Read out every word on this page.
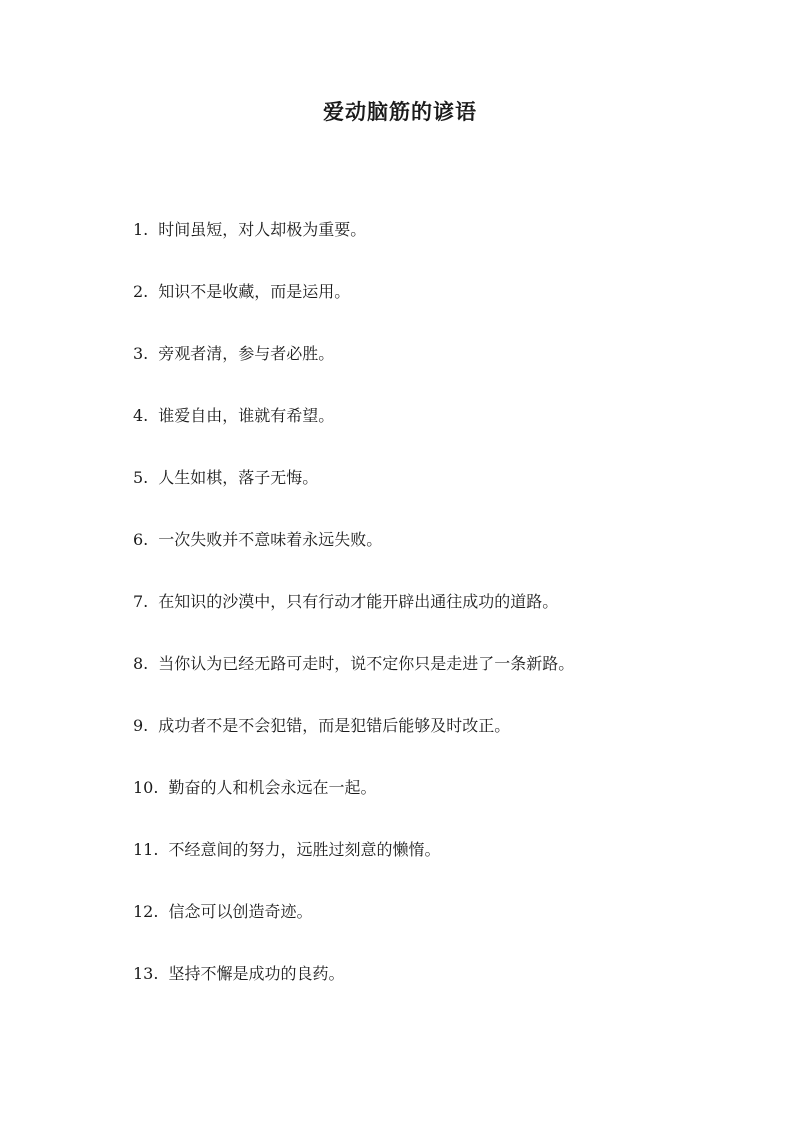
爱动脑筋的谚语
1. 时间虽短，对人却极为重要。
2. 知识不是收藏，而是运用。
3. 旁观者清，参与者必胜。
4. 谁爱自由，谁就有希望。
5. 人生如棋，落子无悔。
6. 一次失败并不意味着永远失败。
7. 在知识的沙漠中，只有行动才能开辟出通往成功的道路。
8. 当你认为已经无路可走时，说不定你只是走进了一条新路。
9. 成功者不是不会犯错，而是犯错后能够及时改正。
10. 勤奋的人和机会永远在一起。
11. 不经意间的努力，远胜过刻意的懒惰。
12. 信念可以创造奇迹。
13. 坚持不懈是成功的良药。
